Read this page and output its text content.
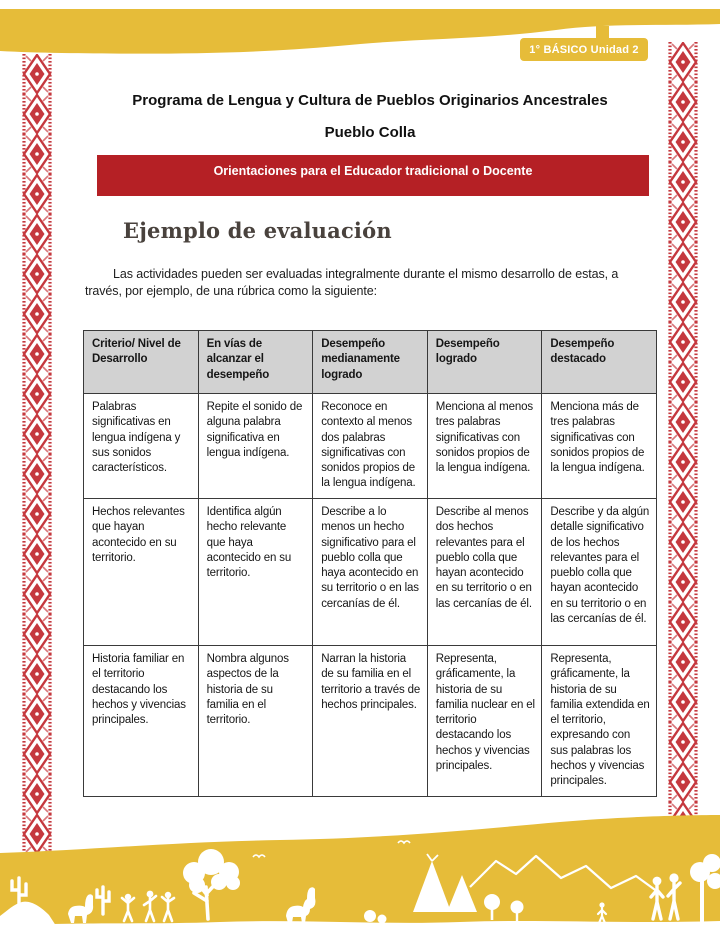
1° BÁSICO Unidad 2
Programa de Lengua y Cultura de Pueblos Originarios Ancestrales
Pueblo Colla
Orientaciones para el Educador tradicional o Docente
Ejemplo de evaluación
Las actividades pueden ser evaluadas integralmente durante el mismo desarrollo de estas, a través, por ejemplo, de una rúbrica como la siguiente:
Criterio/ Nivel de Desarrollo	En vías de alcanzar el desempeño	Desempeño medianamente logrado	Desempeño logrado	Desempeño destacado
Palabras significativas en lengua indígena y sus sonidos característicos.	Repite el sonido de alguna palabra significativa en lengua indígena.	Reconoce en contexto al menos dos palabras significativas con sonidos propios de la lengua indígena.	Menciona al menos tres palabras significativas con sonidos propios de la lengua indígena.	Menciona más de tres palabras significativas con sonidos propios de la lengua indígena.
Hechos relevantes que hayan acontecido en su territorio.	Identifica algún hecho relevante que haya acontecido en su territorio.	Describe a lo menos un hecho significativo para el pueblo colla que haya acontecido en su territorio o en las cercanías de él.	Describe al menos dos hechos relevantes para el pueblo colla que hayan acontecido en su territorio o en las cercanías de él.	Describe y da algún detalle significativo de los hechos relevantes para el pueblo colla que hayan acontecido en su territorio o en las cercanías de él.
Historia familiar en el territorio destacando los hechos y vivencias principales.	Nombra algunos aspectos de la historia de su familia en el territorio.	Narran la historia de su familia en el territorio a través de hechos principales.	Representa, gráficamente, la historia de su familia nuclear en el territorio destacando los hechos y vivencias principales.	Representa, gráficamente, la historia de su familia extendida en el territorio, expresando con sus palabras los hechos y vivencias principales.
